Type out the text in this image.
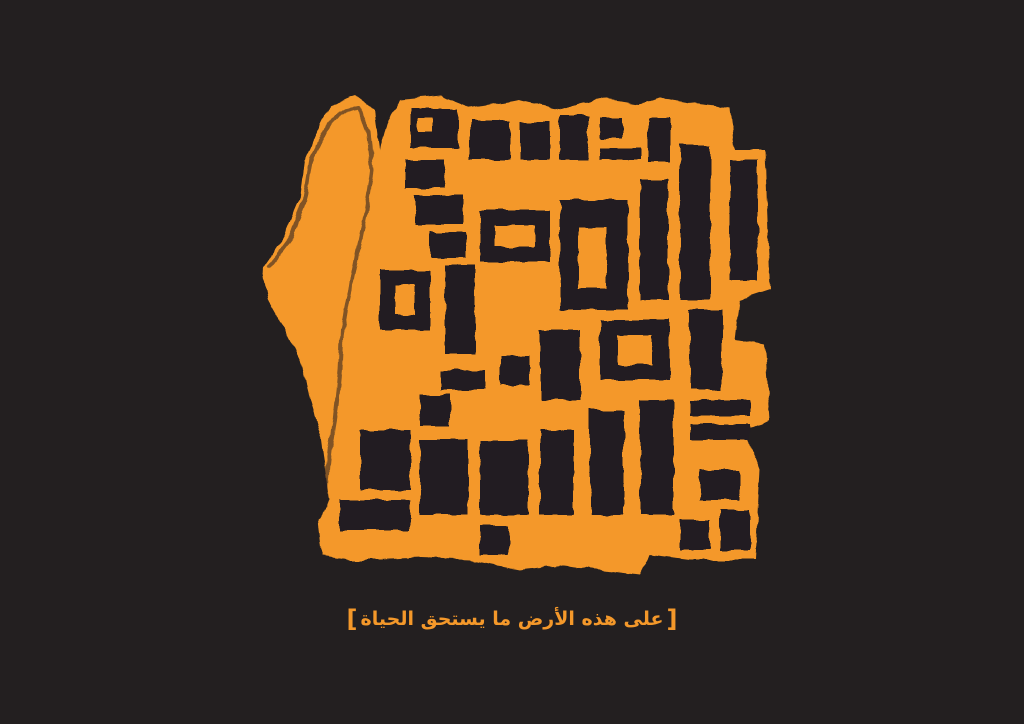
[على هذه الأرض ما يستحق الحياة]
